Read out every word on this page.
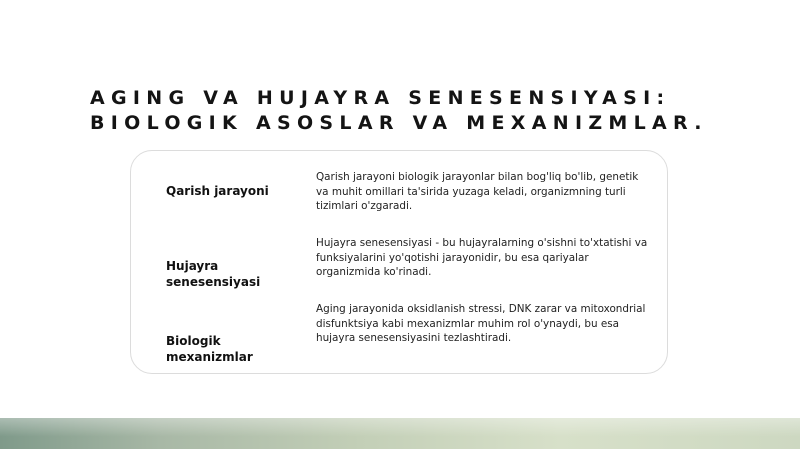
AGING VA HUJAYRA SENESENSIYASI:
BIOLOGIK ASOSLAR VA MEXANIZMLAR.
Qarish jarayoni
Qarish jarayoni biologik jarayonlar bilan bog'liq bo'lib, genetik va muhit omillari ta'sirida yuzaga keladi, organizmning turli tizimlari o'zgaradi.
Hujayra senesensiyasi
Hujayra senesensiyasi - bu hujayralarning o'sishni to'xtatishi va funksiyalarini yo'qotishi jarayonidir, bu esa qariyalar organizmida ko'rinadi.
Biologik mexanizmlar
Aging jarayonida oksidlanish stressi, DNK zarar va mitoxondrial disfunktsiya kabi mexanizmlar muhim rol o'ynaydi, bu esa hujayra senesensiyasini tezlashtiradi.
